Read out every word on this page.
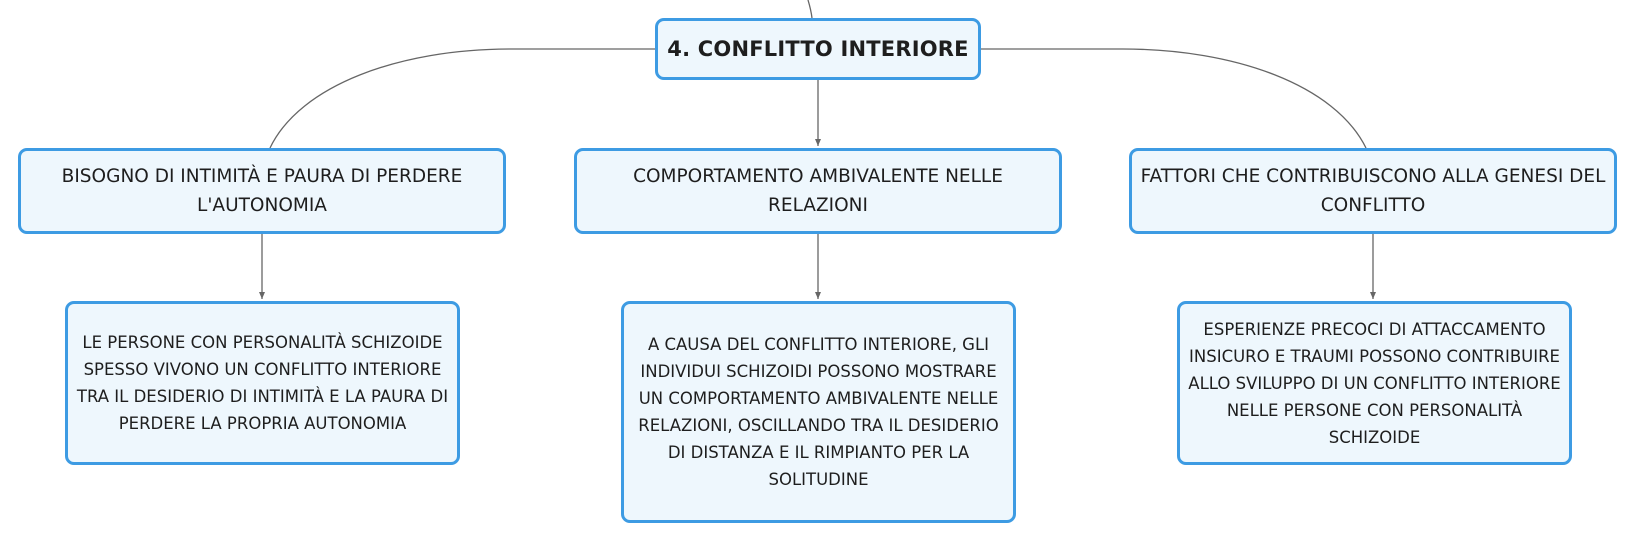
4. CONFLITTO INTERIORE
BISOGNO DI INTIMITÀ E PAURA DI PERDERE L'AUTONOMIA
COMPORTAMENTO AMBIVALENTE NELLE RELAZIONI
FATTORI CHE CONTRIBUISCONO ALLA GENESI DEL CONFLITTO
LE PERSONE CON PERSONALITÀ SCHIZOIDE SPESSO VIVONO UN CONFLITTO INTERIORE TRA IL DESIDERIO DI INTIMITÀ E LA PAURA DI PERDERE LA PROPRIA AUTONOMIA
A CAUSA DEL CONFLITTO INTERIORE, GLI INDIVIDUI SCHIZOIDI POSSONO MOSTRARE UN COMPORTAMENTO AMBIVALENTE NELLE RELAZIONI, OSCILLANDO TRA IL DESIDERIO DI DISTANZA E IL RIMPIANTO PER LA SOLITUDINE
ESPERIENZE PRECOCI DI ATTACCAMENTO INSICURO E TRAUMI POSSONO CONTRIBUIRE ALLO SVILUPPO DI UN CONFLITTO INTERIORE NELLE PERSONE CON PERSONALITÀ SCHIZOIDE
